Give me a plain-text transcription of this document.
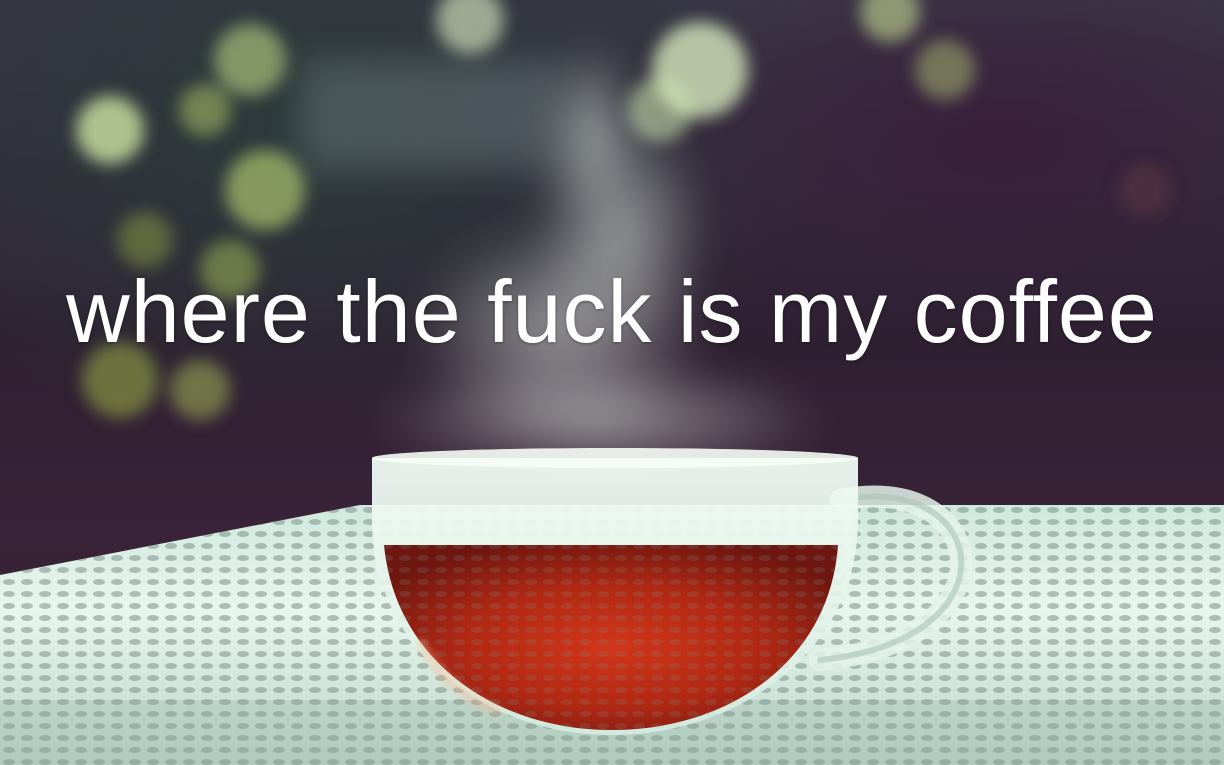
where the fuck is my coffee
